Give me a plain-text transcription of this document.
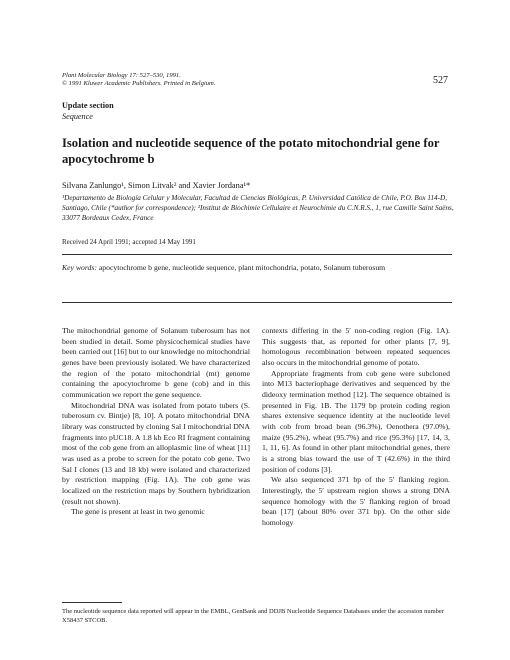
Plant Molecular Biology 17: 527–530, 1991.
© 1991 Kluwer Academic Publishers. Printed in Belgium.	527
Update section
Sequence
Isolation and nucleotide sequence of the potato mitochondrial gene for apocytochrome b
Silvana Zanlungo¹, Simon Litvak² and Xavier Jordana¹*
¹Departamento de Biología Celular y Molecular, Facultad de Ciencias Biológicas, P. Universidad Católica de Chile, P.O. Box 114-D, Santiago, Chile (*author for correspondence); ²Institut de Biochimie Cellulaire et Neurochimie du C.N.R.S., 1, rue Camille Saint Saëns, 33077 Bordeaux Cedex, France
Received 24 April 1991; accepted 14 May 1991
Key words: apocytochrome b gene, nucleotide sequence, plant mitochondria, potato, Solanum tuberosum

The mitochondrial genome of Solanum tuberosum has not been studied in detail. Some physicochemical studies have been carried out [16] but to our knowledge no mitochondrial genes have been previously isolated. We have characterized the region of the potato mitochondrial (mt) genome containing the apocytochrome b gene (cob) and in this communication we report the gene sequence.

Mitochondrial DNA was isolated from potato tubers (S. tuberosum cv. Bintje) [8, 10]. A potato mitochondrial DNA library was constructed by cloning Sal I mitochondrial DNA fragments into pUC18. A 1.8 kb Eco RI fragment containing most of the cob gene from an alloplasmic line of wheat [11] was used as a probe to screen for the potato cob gene. Two Sal I clones (13 and 18 kb) were isolated and characterized by restriction mapping (Fig. 1A). The cob gene was localized on the restriction maps by Southern hybridization (result not shown).

The gene is present at least in two genomic

contexts differing in the 5′ non-coding region (Fig. 1A). This suggests that, as reported for other plants [7, 9], homologous recombination between repeated sequences also occurs in the mitochondrial genome of potato.

Appropriate fragments from cob gene were subcloned into M13 bacteriophage derivatives and sequenced by the dideoxy termination method [12]. The sequence obtained is presented in Fig. 1B. The 1179 bp protein coding region shares extensive sequence identity at the nucleotide level with cob from broad bean (96.3%), Oenothera (97.0%), maize (95.2%), wheat (95.7%) and rice (95.3%) [17, 14, 3, 1, 11, 6]. As found in other plant mitochondrial genes, there is a strong bias toward the use of T (42.6%) in the third position of codons [3].

We also sequenced 371 bp of the 5′ flanking region. Interestingly, the 5′ upstream region shows a strong DNA sequence homology with the 5′ flanking region of broad bean [17] (about 80% over 371 bp). On the other side homology

The nucleotide sequence data reported will appear in the EMBL, GenBank and DDJB Nucleotide Sequence Databases under the accession number X58437 STCOB.
